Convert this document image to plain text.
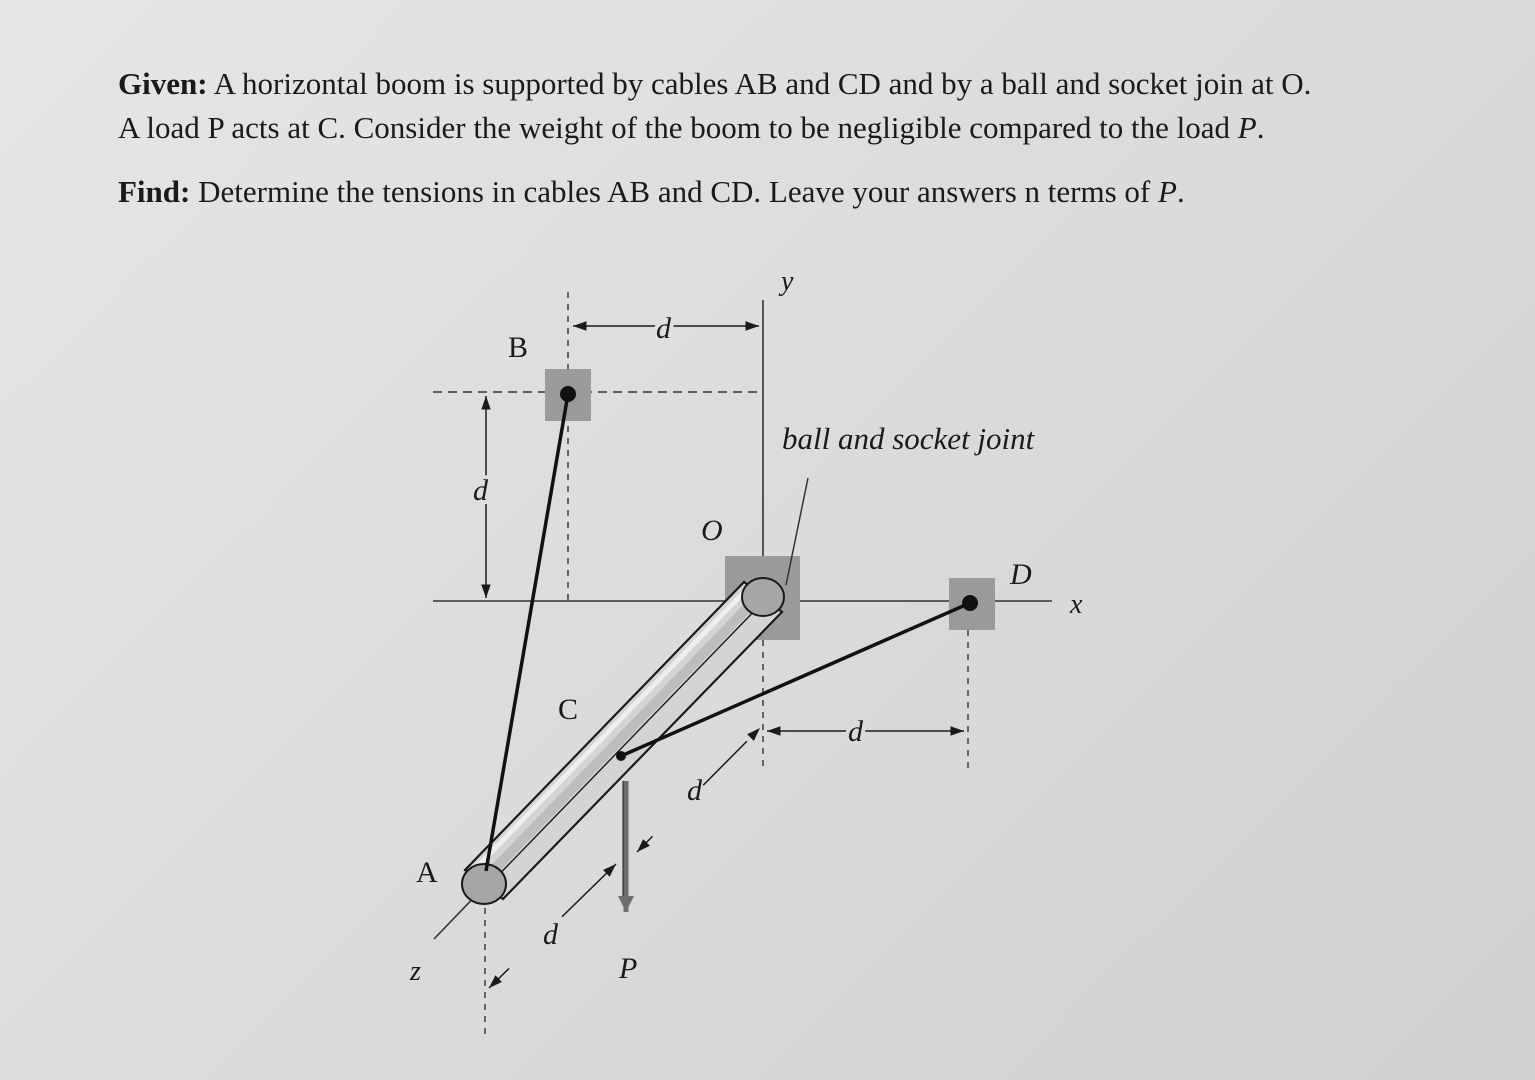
Given: A horizontal boom is supported by cables AB and CD and by a ball and socket join at O.
A load P acts at C. Consider the weight of the boom to be negligible compared to the load P.

Find: Determine the tensions in cables AB and CD. Leave your answers n terms of P.

B
A
C
D
O
x
y
z	P
d
d
d
d
d
ball and socket joint
